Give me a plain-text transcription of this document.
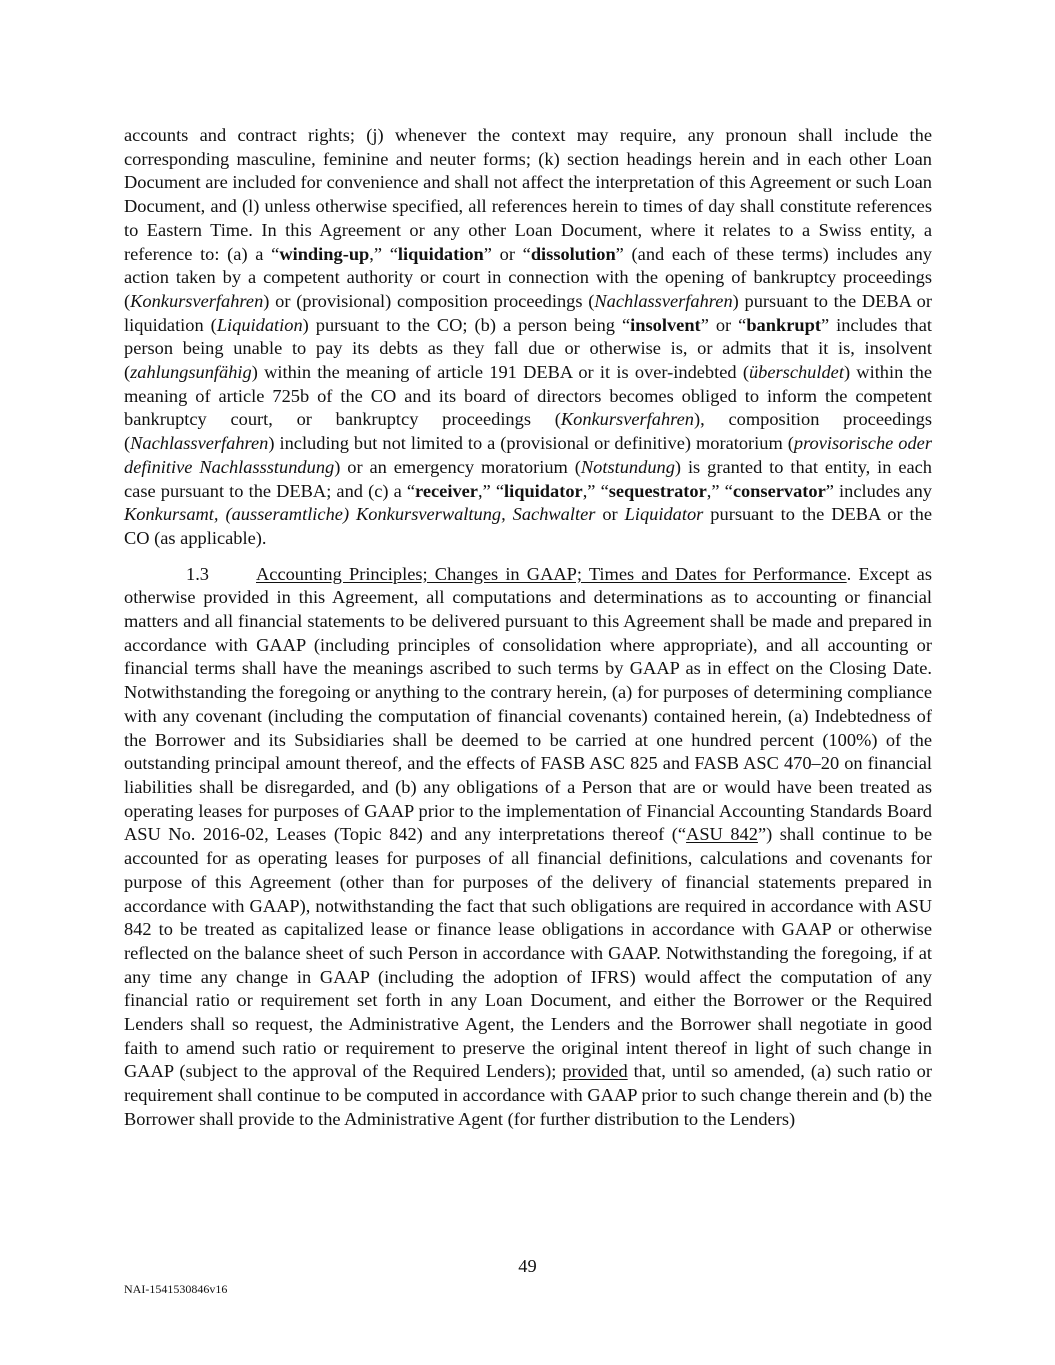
accounts and contract rights; (j) whenever the context may require, any pronoun shall include the corresponding masculine, feminine and neuter forms; (k) section headings herein and in each other Loan Document are included for convenience and shall not affect the interpretation of this Agreement or such Loan Document, and (l) unless otherwise specified, all references herein to times of day shall constitute references to Eastern Time. In this Agreement or any other Loan Document, where it relates to a Swiss entity, a reference to: (a) a “winding-up,” “liquidation” or “dissolution” (and each of these terms) includes any action taken by a competent authority or court in connection with the opening of bankruptcy proceedings (Konkursverfahren) or (provisional) composition proceedings (Nachlassverfahren) pursuant to the DEBA or liquidation (Liquidation) pursuant to the CO; (b) a person being “insolvent” or “bankrupt” includes that person being unable to pay its debts as they fall due or otherwise is, or admits that it is, insolvent (zahlungsunfähig) within the meaning of article 191 DEBA or it is over-indebted (überschuldet) within the meaning of article 725b of the CO and its board of directors becomes obliged to inform the competent bankruptcy court, or bankruptcy proceedings (Konkursverfahren), composition proceedings (Nachlassverfahren) including but not limited to a (provisional or definitive) moratorium (provisorische oder definitive Nachlassstundung) or an emergency moratorium (Notstundung) is granted to that entity, in each case pursuant to the DEBA; and (c) a “receiver,” “liquidator,” “sequestrator,” “conservator” includes any Konkursamt, (ausseramtliche) Konkursverwaltung, Sachwalter or Liquidator pursuant to the DEBA or the CO (as applicable).

1.3	Accounting Principles; Changes in GAAP; Times and Dates for Performance. Except as otherwise provided in this Agreement, all computations and determinations as to accounting or financial matters and all financial statements to be delivered pursuant to this Agreement shall be made and prepared in accordance with GAAP (including principles of consolidation where appropriate), and all accounting or financial terms shall have the meanings ascribed to such terms by GAAP as in effect on the Closing Date. Notwithstanding the foregoing or anything to the contrary herein, (a) for purposes of determining compliance with any covenant (including the computation of financial covenants) contained herein, (a) Indebtedness of the Borrower and its Subsidiaries shall be deemed to be carried at one hundred percent (100%) of the outstanding principal amount thereof, and the effects of FASB ASC 825 and FASB ASC 470–20 on financial liabilities shall be disregarded, and (b) any obligations of a Person that are or would have been treated as operating leases for purposes of GAAP prior to the implementation of Financial Accounting Standards Board ASU No. 2016-02, Leases (Topic 842) and any interpretations thereof (“ASU 842”) shall continue to be accounted for as operating leases for purposes of all financial definitions, calculations and covenants for purpose of this Agreement (other than for purposes of the delivery of financial statements prepared in accordance with GAAP), notwithstanding the fact that such obligations are required in accordance with ASU 842 to be treated as capitalized lease or finance lease obligations in accordance with GAAP or otherwise reflected on the balance sheet of such Person in accordance with GAAP. Notwithstanding the foregoing, if at any time any change in GAAP (including the adoption of IFRS) would affect the computation of any financial ratio or requirement set forth in any Loan Document, and either the Borrower or the Required Lenders shall so request, the Administrative Agent, the Lenders and the Borrower shall negotiate in good faith to amend such ratio or requirement to preserve the original intent thereof in light of such change in GAAP (subject to the approval of the Required Lenders); provided that, until so amended, (a) such ratio or requirement shall continue to be computed in accordance with GAAP prior to such change therein and (b) the Borrower shall provide to the Administrative Agent (for further distribution to the Lenders)

49

NAI-1541530846v16
